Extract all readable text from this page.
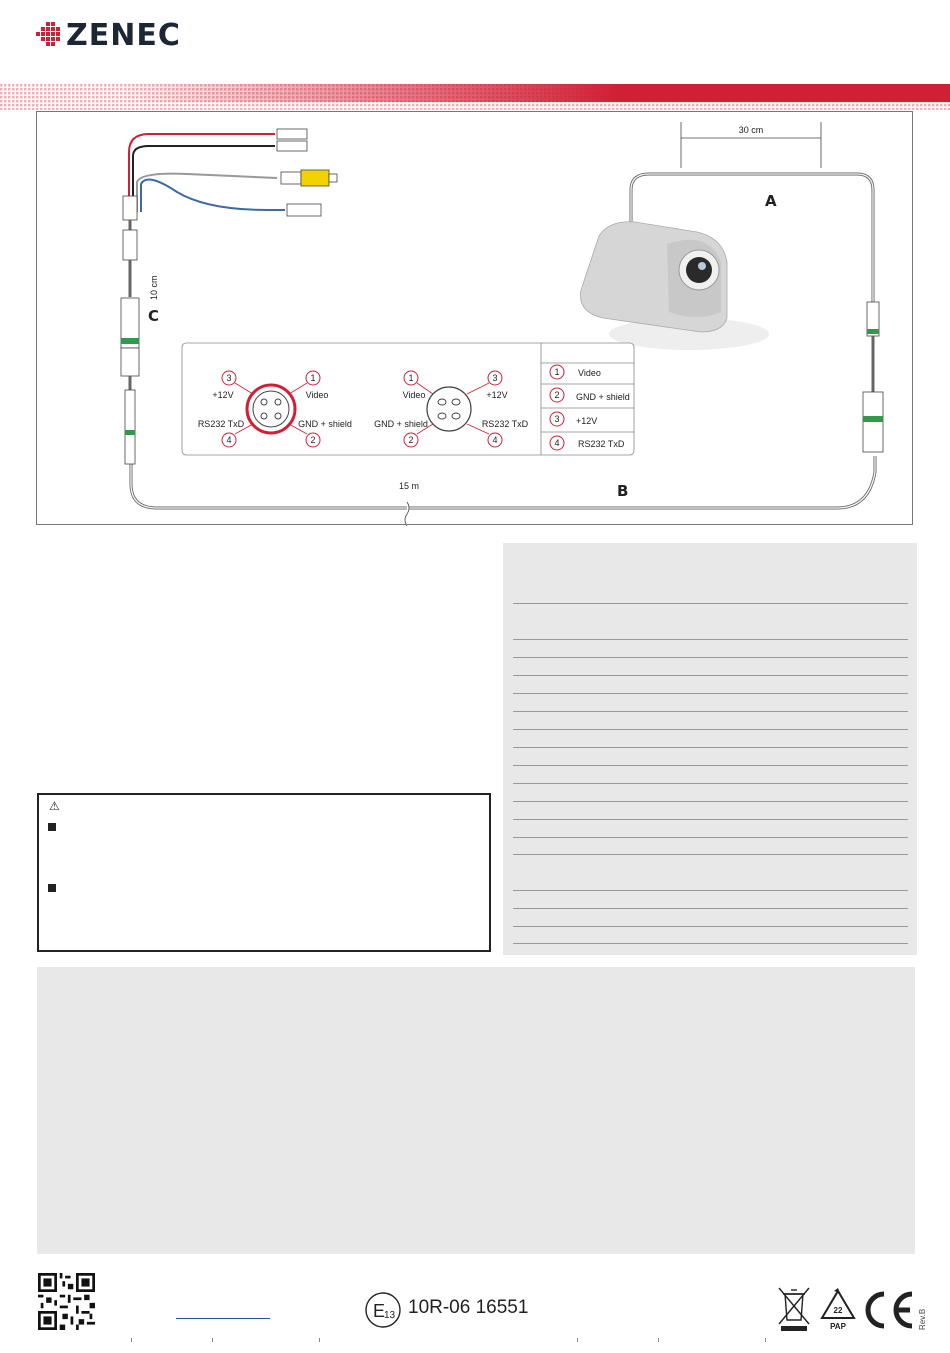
ZENEC
30 cm
A
C
B
15 m
10 cm
3
+12V
1
Video
4
RS232 TxD
2
GND + shield
1
Video
3
+12V
2
GND + shield
4
RS232 TxD
1 Video
2 GND + shield
3 +12V
4 RS232 TxD
⚠
E
13 10R-06 16551	22
PAP	Rev.B
